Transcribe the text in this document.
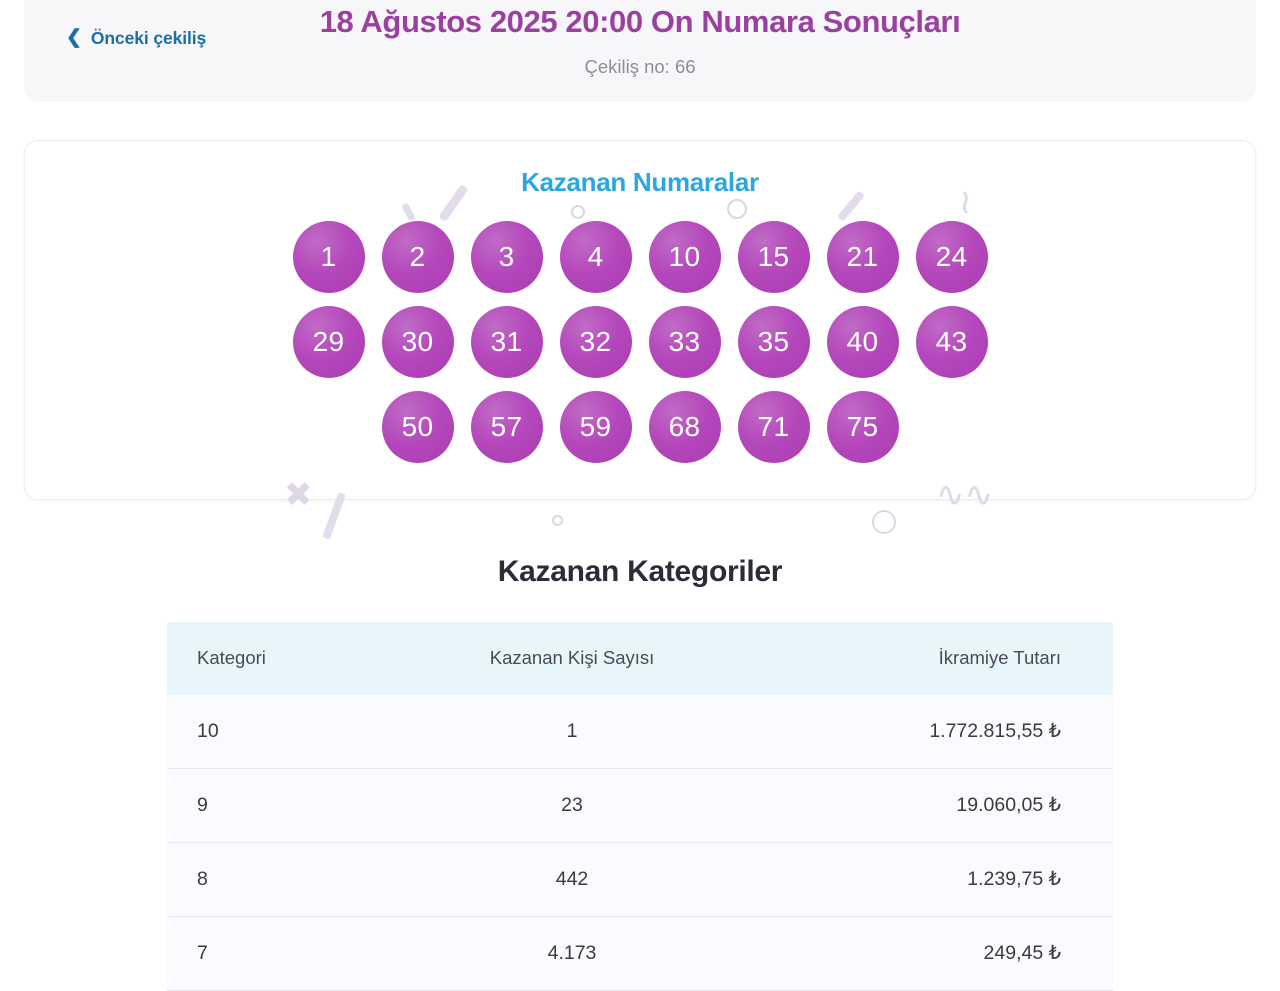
❮ Önceki çekiliş	18 Ağustos 2025 20:00 On Numara Sonuçları
Çekiliş no: 66
Kazanan Numaralar
≀
1	2	3	4	10	15	21	24
29	30	31	32	33	35	40	43
50	57	59	68	71	75
✖	∿∿
Kazanan Kategoriler
Kategori	Kazanan Kişi Sayısı	İkramiye Tutarı
10	1	1.772.815,55 ₺
9	23	19.060,05 ₺
8	442	1.239,75 ₺
7	4.173	249,45 ₺
